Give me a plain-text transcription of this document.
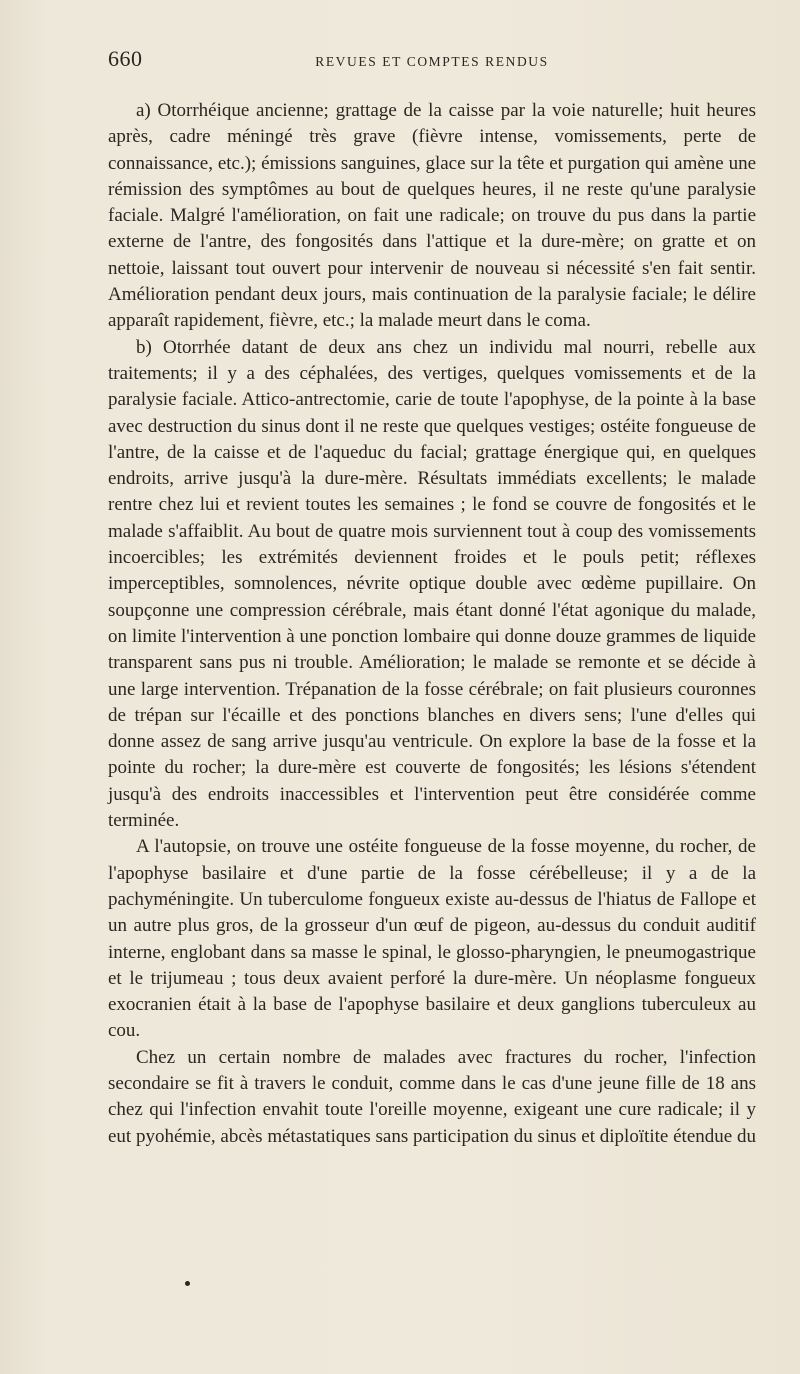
660	REVUES ET COMPTES RENDUS

a) Otorrhéique ancienne; grattage de la caisse par la voie naturelle; huit heures après, cadre méningé très grave (fièvre intense, vomissements, perte de connaissance, etc.); émissions sanguines, glace sur la tête et purgation qui amène une rémission des symptômes au bout de quelques heures, il ne reste qu'une paralysie faciale. Malgré l'amélioration, on fait une radicale; on trouve du pus dans la partie externe de l'antre, des fongosités dans l'attique et la dure-mère; on gratte et on nettoie, laissant tout ouvert pour intervenir de nouveau si nécessité s'en fait sentir. Amélioration pendant deux jours, mais continuation de la paralysie faciale; le délire apparaît rapidement, fièvre, etc.; la malade meurt dans le coma.

b) Otorrhée datant de deux ans chez un individu mal nourri, rebelle aux traitements; il y a des céphalées, des vertiges, quelques vomissements et de la paralysie faciale. Attico-antrectomie, carie de toute l'apophyse, de la pointe à la base avec destruction du sinus dont il ne reste que quelques vestiges; ostéite fongueuse de l'antre, de la caisse et de l'aqueduc du facial; grattage énergique qui, en quelques endroits, arrive jusqu'à la dure-mère. Résultats immédiats excellents; le malade rentre chez lui et revient toutes les semaines ; le fond se couvre de fongosités et le malade s'affaiblit. Au bout de quatre mois surviennent tout à coup des vomissements incoercibles; les extrémités deviennent froides et le pouls petit; réflexes imperceptibles, somnolences, névrite optique double avec œdème pupillaire. On soupçonne une compression cérébrale, mais étant donné l'état agonique du malade, on limite l'intervention à une ponction lombaire qui donne douze grammes de liquide transparent sans pus ni trouble. Amélioration; le malade se remonte et se décide à une large intervention. Trépanation de la fosse cérébrale; on fait plusieurs couronnes de trépan sur l'écaille et des ponctions blanches en divers sens; l'une d'elles qui donne assez de sang arrive jusqu'au ventricule. On explore la base de la fosse et la pointe du rocher; la dure-mère est couverte de fongosités; les lésions s'étendent jusqu'à des endroits inaccessibles et l'intervention peut être considérée comme terminée.

A l'autopsie, on trouve une ostéite fongueuse de la fosse moyenne, du rocher, de l'apophyse basilaire et d'une partie de la fosse cérébelleuse; il y a de la pachyméningite. Un tuberculome fongueux existe au-dessus de l'hiatus de Fallope et un autre plus gros, de la grosseur d'un œuf de pigeon, au-dessus du conduit auditif interne, englobant dans sa masse le spinal, le glosso-pharyngien, le pneumogastrique et le trijumeau ; tous deux avaient perforé la dure-mère. Un néoplasme fongueux exocranien était à la base de l'apophyse basilaire et deux ganglions tuberculeux au cou.

Chez un certain nombre de malades avec fractures du rocher, l'infection secondaire se fit à travers le conduit, comme dans le cas d'une jeune fille de 18 ans chez qui l'infection envahit toute l'oreille moyenne, exigeant une cure radicale; il y eut pyohémie, abcès métastatiques sans participation du sinus et diploïtite étendue du
